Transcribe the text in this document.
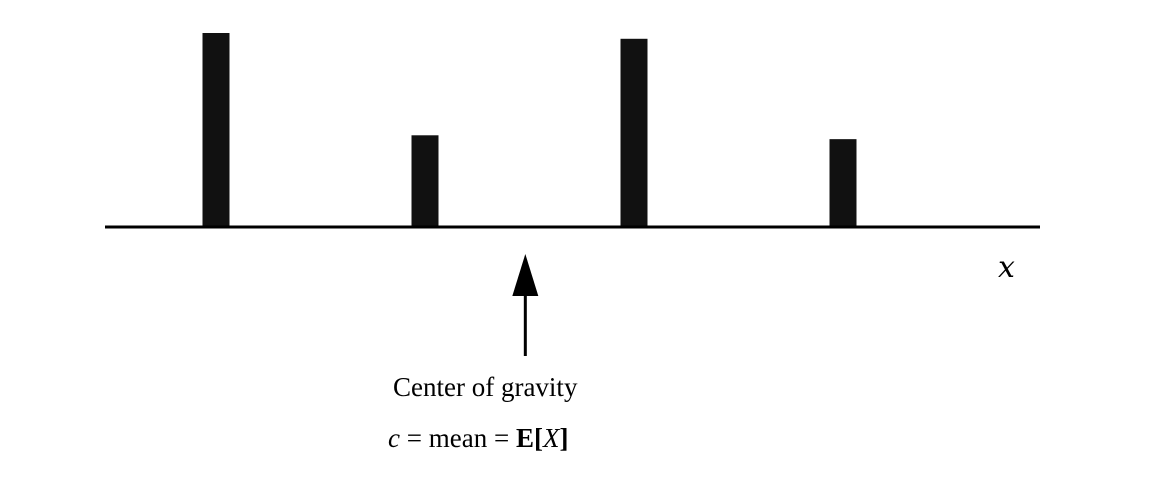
x
Center of gravity
c = mean = E[X]
